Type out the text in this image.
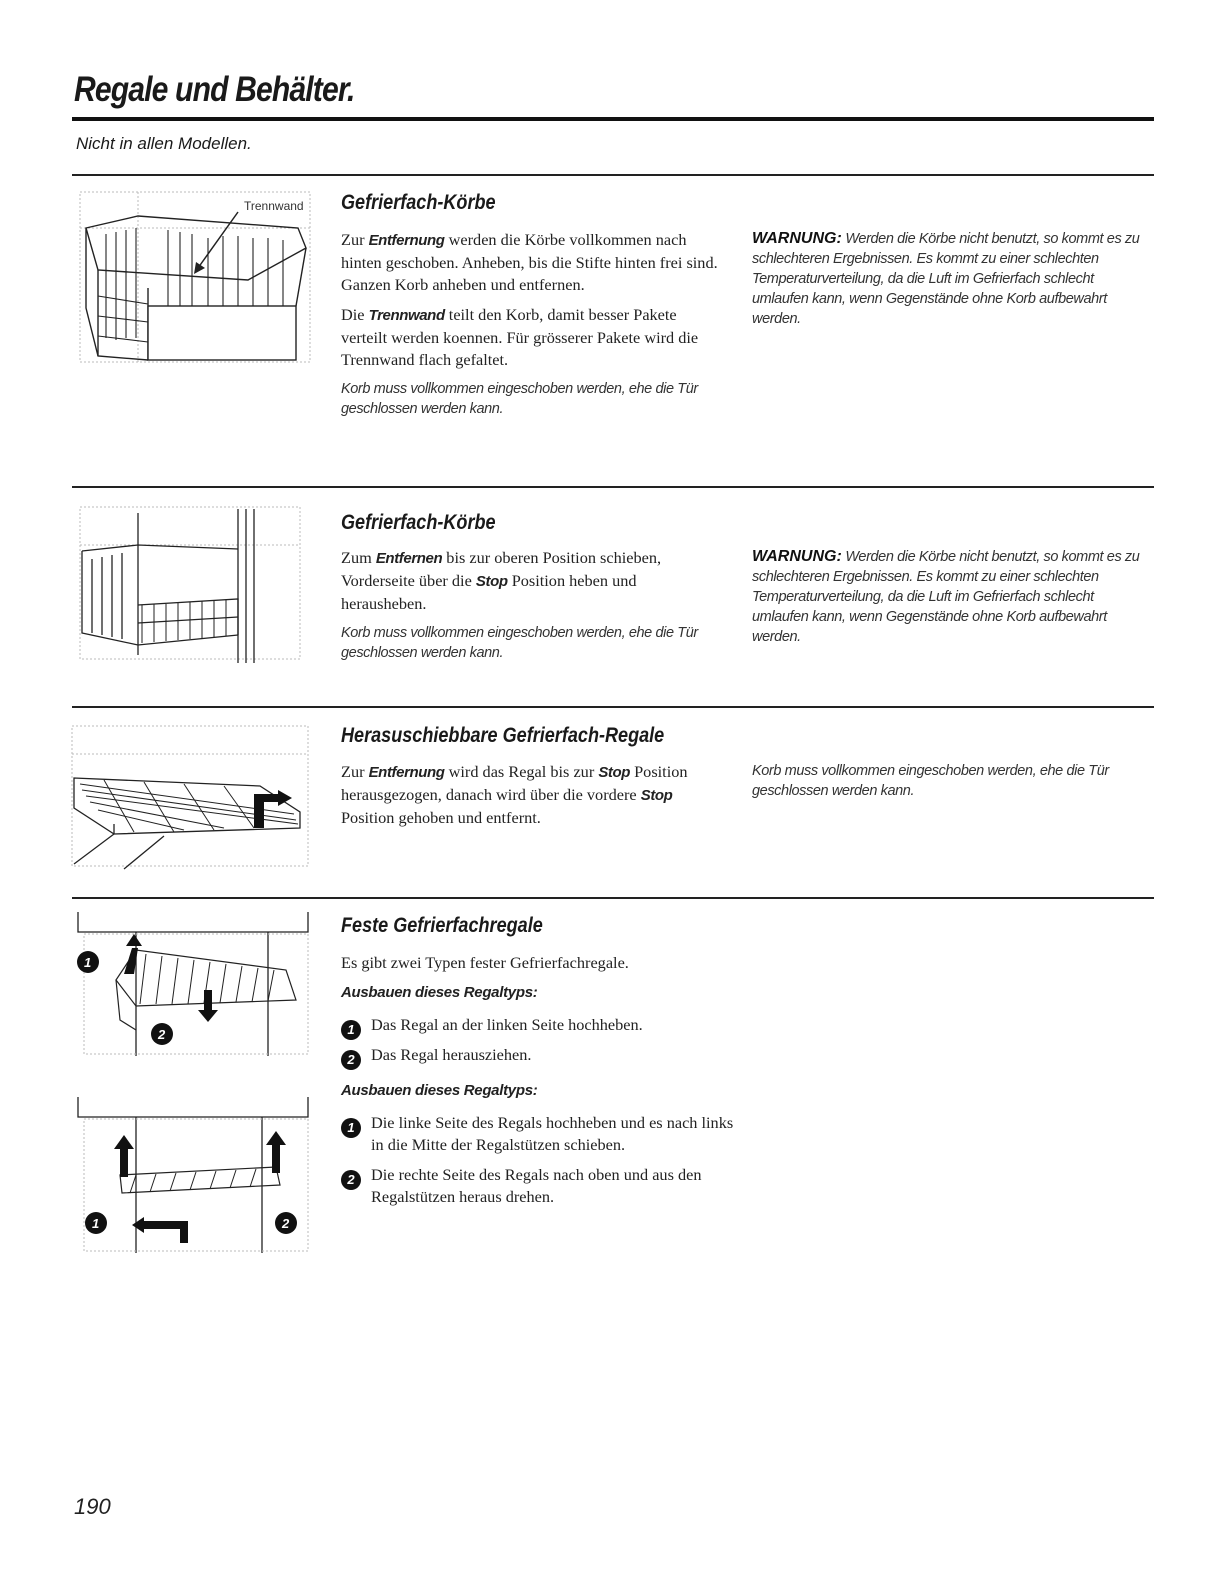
Regale und Behälter.
Nicht in allen Modellen.
Trennwand Gefrierfach-Körbe

Zur Entfernung werden die Körbe vollkommen nach hinten geschoben. Anheben, bis die Stifte hinten frei sind. Ganzen Korb anheben und entfernen.

Die Trennwand teilt den Korb, damit besser Pakete verteilt werden koennen. Für grösserer Pakete wird die Trennwand flach gefaltet.

Korb muss vollkommen eingeschoben werden, ehe die Tür geschlossen werden kann.

WARNUNG: Werden die Körbe nicht benutzt, so kommt es zu schlechteren Ergebnissen. Es kommt zu einer schlechten Temperaturverteilung, da die Luft im Gefrierfach schlecht umlaufen kann, wenn Gegenstände ohne Korb aufbewahrt werden.
Gefrierfach-Körbe

Zum Entfernen bis zur oberen Position schieben, Vorderseite über die Stop Position heben und herausheben.

Korb muss vollkommen eingeschoben werden, ehe die Tür geschlossen werden kann.

WARNUNG: Werden die Körbe nicht benutzt, so kommt es zu schlechteren Ergebnissen. Es kommt zu einer schlechten Temperaturverteilung, da die Luft im Gefrierfach schlecht umlaufen kann, wenn Gegenstände ohne Korb aufbewahrt werden.
Herasuschiebbare Gefrierfach-Regale

Zur Entfernung wird das Regal bis zur Stop Position herausgezogen, danach wird über die vordere Stop Position gehoben und entfernt.

Korb muss vollkommen eingeschoben werden, ehe die Tür geschlossen werden kann.
1
2
1	2
Feste Gefrierfachregale

Es gibt zwei Typen fester Gefrierfachregale.

Ausbauen dieses Regaltyps:
1	Das Regal an der linken Seite hochheben.
2	Das Regal herausziehen.
Ausbauen dieses Regaltyps:
1	Die linke Seite des Regals hochheben und es nach links in die Mitte der Regalstützen schieben.
2	Die rechte Seite des Regals nach oben und aus den Regalstützen heraus drehen.
190
